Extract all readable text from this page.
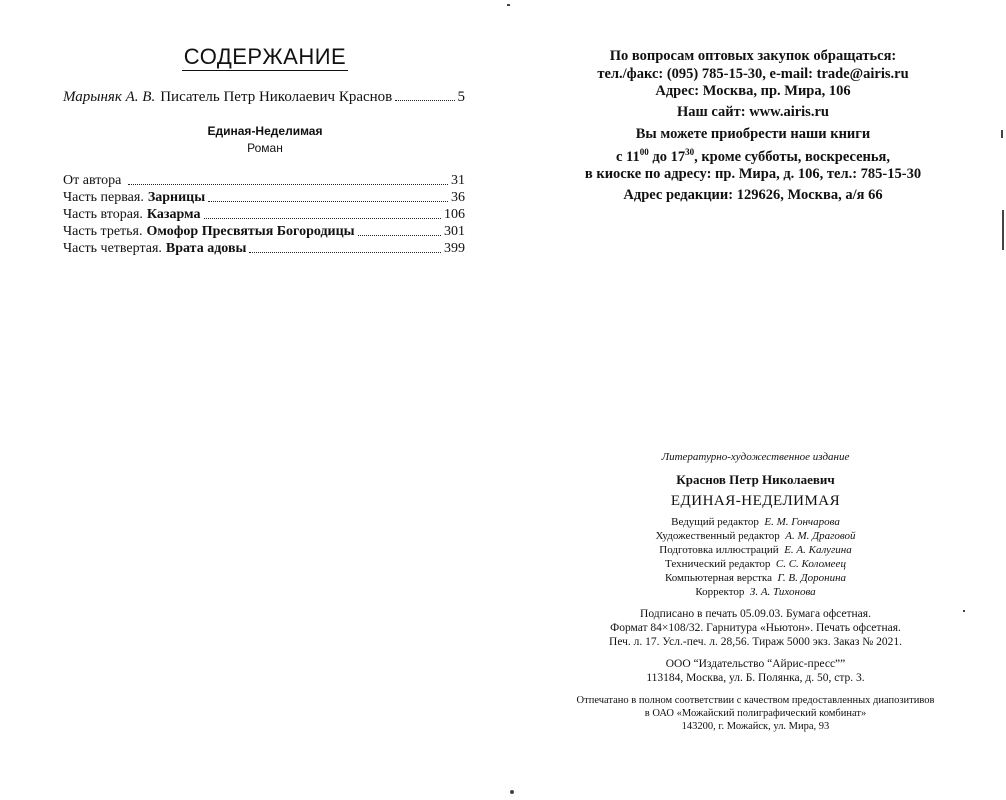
СОДЕРЖАНИЕ
Марыняк А. В. Писатель Петр Николаевич Краснов	5
Единая-Неделимая
Роман
От автора	31
Часть первая. Зарницы	36
Часть вторая. Казарма	106
Часть третья. Омофор Пресвятыя Богородицы	301
Часть четвертая. Врата адовы	399

По вопросам оптовых закупок обращаться:

тел./факс: (095) 785-15-30, e-mail: trade@airis.ru

Адрес: Москва, пр. Мира, 106

Наш сайт: www.airis.ru

Вы можете приобрести наши книги

с $11^{00}$ до $17^{30}$, кроме субботы, воскресенья,

в киоске по адресу: пр. Мира, д. 106, тел.: 785-15-30

Адрес редакции: 129626, Москва, а/я 66

Литературно-художественное издание

Краснов Петр Николаевич

ЕДИНАЯ-НЕДЕЛИМАЯ

Ведущий редактор Е. М. Гончарова
Художественный редактор А. М. Драговой
Подготовка иллюстраций Е. А. Калугина
Технический редактор С. С. Коломеец
Компьютерная верстка Г. В. Доронина
Корректор З. А. Тихонова

Подписано в печать 05.09.03. Бумага офсетная.

Формат 84×108/32. Гарнитура «Ньютон». Печать офсетная.

Печ. л. 17. Усл.-печ. л. 28,56. Тираж 5000 экз. Заказ № 2021.

ООО “Издательство “Айрис-пресс””

113184, Москва, ул. Б. Полянка, д. 50, стр. 3.

Отпечатано в полном соответствии с качеством предоставленных диапозитивов

в ОАО «Можайский полиграфический комбинат»

143200, г. Можайск, ул. Мира, 93
